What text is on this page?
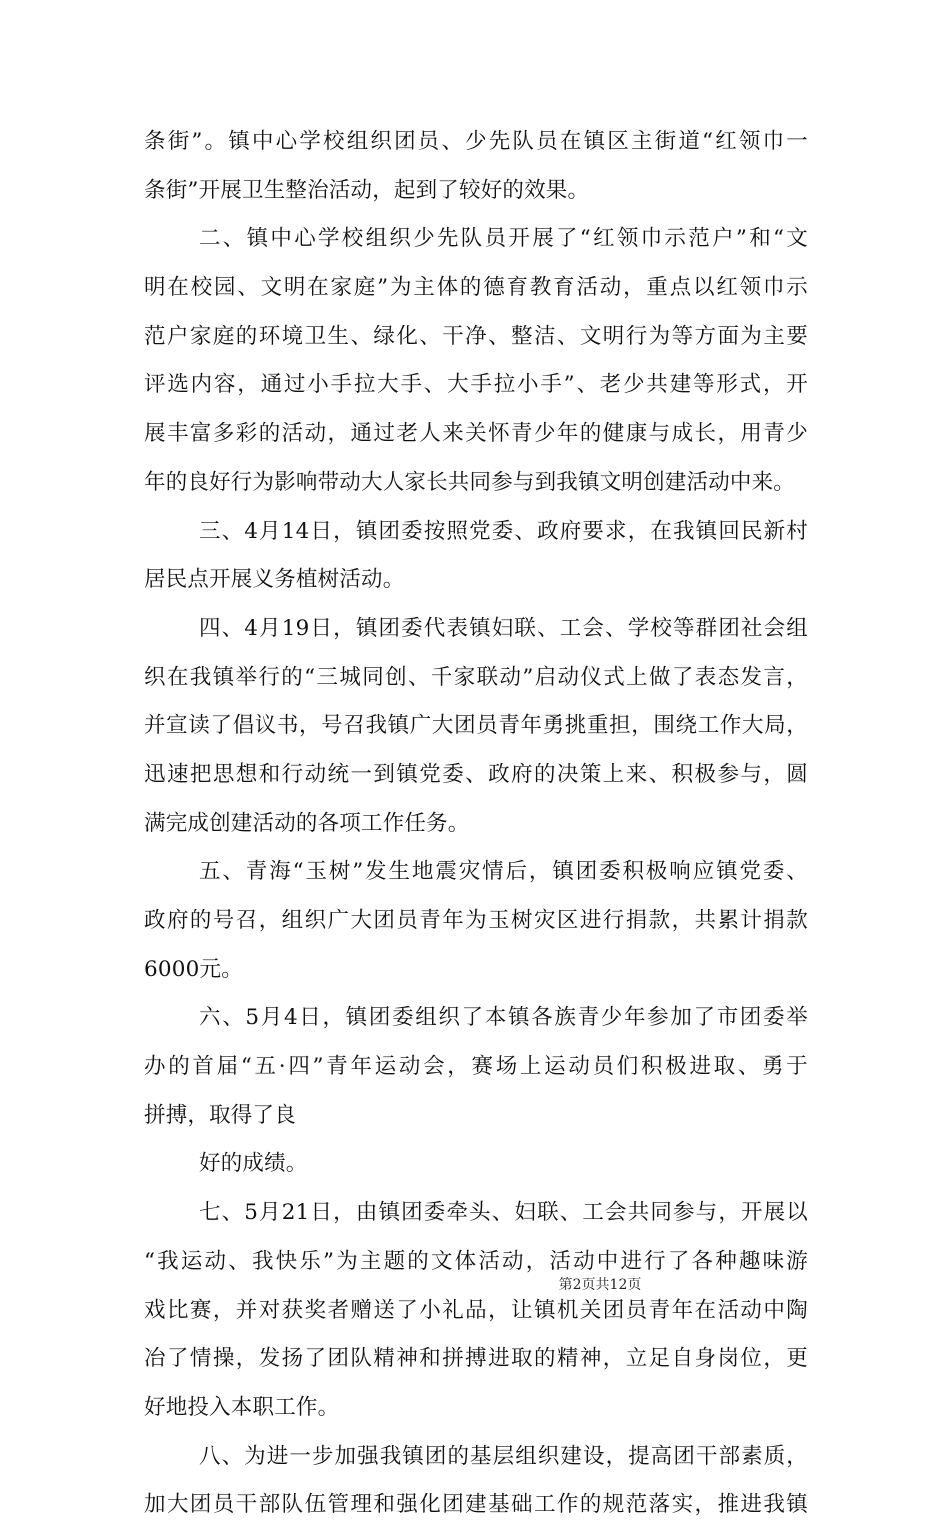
条街”。镇中心学校组织团员、少先队员在镇区主街道“红领巾一
条街”开展卫生整治活动，起到了较好的效果。
二、镇中心学校组织少先队员开展了“红领巾示范户”和“文
明在校园、文明在家庭”为主体的德育教育活动，重点以红领巾示
范户家庭的环境卫生、绿化、干净、整洁、文明行为等方面为主要
评选内容，通过小手拉大手、大手拉小手”、老少共建等形式，开
展丰富多彩的活动，通过老人来关怀青少年的健康与成长，用青少
年的良好行为影响带动大人家长共同参与到我镇文明创建活动中来。
三、4月14日，镇团委按照党委、政府要求，在我镇回民新村
居民点开展义务植树活动。
四、4月19日，镇团委代表镇妇联、工会、学校等群团社会组
织在我镇举行的“三城同创、千家联动”启动仪式上做了表态发言，
并宣读了倡议书，号召我镇广大团员青年勇挑重担，围绕工作大局，
迅速把思想和行动统一到镇党委、政府的决策上来、积极参与，圆
满完成创建活动的各项工作任务。
五、青海“玉树”发生地震灾情后，镇团委积极响应镇党委、
政府的号召，组织广大团员青年为玉树灾区进行捐款，共累计捐款
6000元。
六、5月4日，镇团委组织了本镇各族青少年参加了市团委举
办的首届“五·四”青年运动会，赛场上运动员们积极进取、勇于
拼搏，取得了良
好的成绩。
七、5月21日，由镇团委牵头、妇联、工会共同参与，开展以
“我运动、我快乐”为主题的文体活动，活动中进行了各种趣味游
戏比赛，并对获奖者赠送了小礼品，让镇机关团员青年在活动中陶
冶了情操，发扬了团队精神和拼搏进取的精神，立足自身岗位，更
好地投入本职工作。
八、为进一步加强我镇团的基层组织建设，提高团干部素质，
加大团员干部队伍管理和强化团建基础工作的规范落实，推进我镇
第2页共12页
